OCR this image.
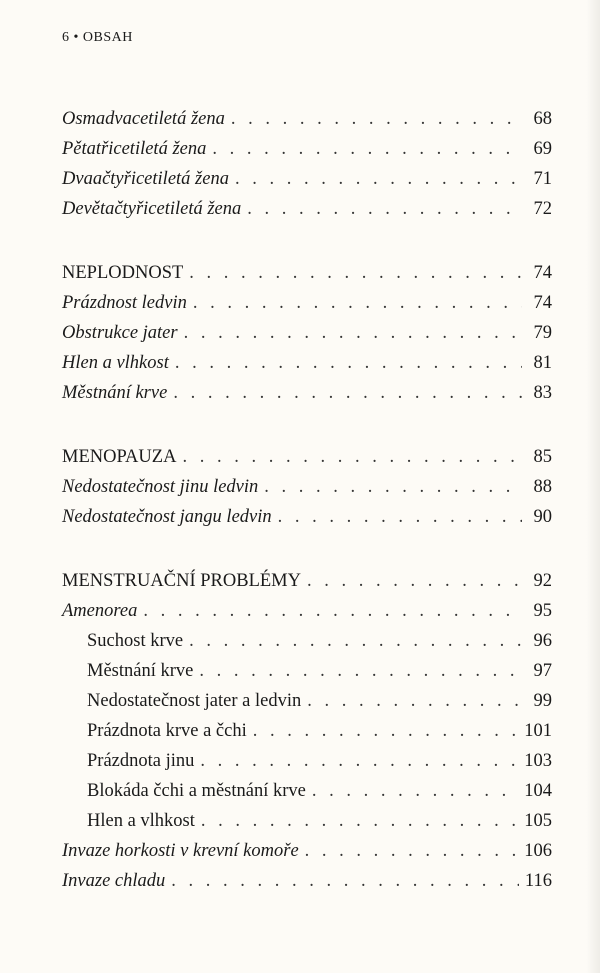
6 • OBSAH
Osmadvacetiletá žena . . .	68
Pětatřicetiletá žena . . .	69
Dvaačtyřicetiletá žena . . .	71
Devětačtyřicetiletá žena . . .	72
NEPLODNOST . . .	74
Prázdnost ledvin . . .	74
Obstrukce jater . . .	79
Hlen a vlhkost . . .	81
Městnání krve . . .	83
MENOPAUZA . . .	85
Nedostatečnost jinu ledvin . . .	88
Nedostatečnost jangu ledvin . . .	90
MENSTRUAČNÍ PROBLÉMY . . .	92
Amenorea . . .	95
Suchost krve . . .	96
Městnání krve . . .	97
Nedostatečnost jater a ledvin . . .	99
Prázdnota krve a čchi . . .	101
Prázdnota jinu . . .	103
Blokáda čchi a městnání krve . . .	104
Hlen a vlhkost . . .	105
Invaze horkosti v krevní komoře . . .	106
Invaze chladu . . .	116
